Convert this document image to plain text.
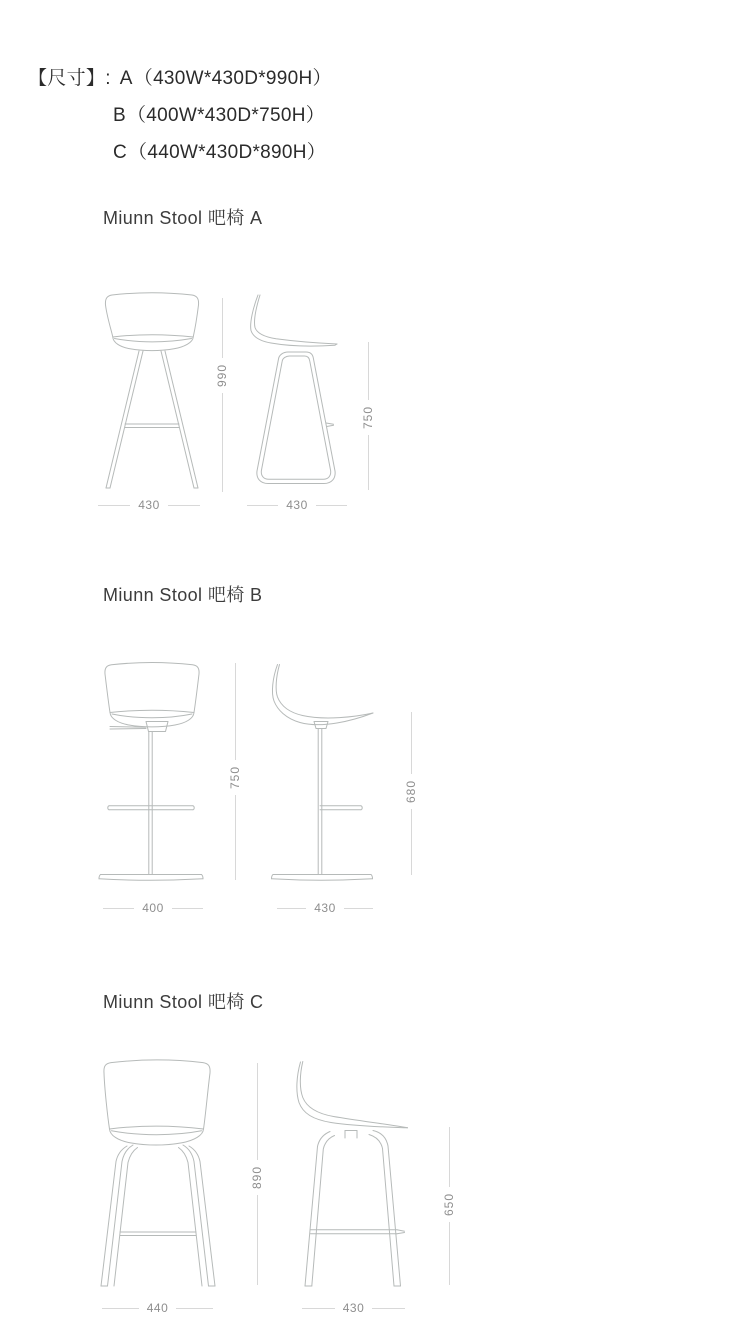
【尺寸】: A（430W*430D*990H）
B（400W*430D*750H）
C（440W*430D*890H）
Miunn Stool 吧椅 A
990
430
750
430
Miunn Stool 吧椅 B
750
400
680
430
Miunn Stool 吧椅 C
890
440
650
430
